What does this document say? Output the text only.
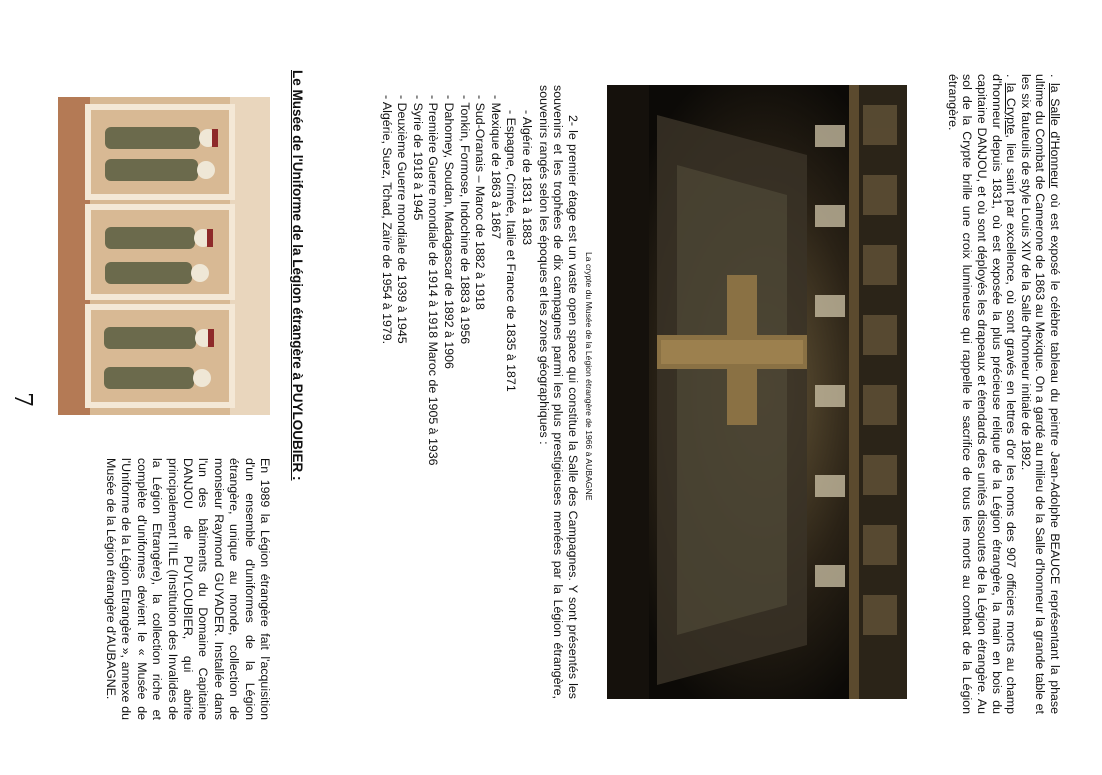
. la Salle d'Honneur où est exposé le célèbre tableau du peintre Jean-Adolphe BEAUCE représentant la phase ultime du Combat de Camerone de 1863 au Mexique. On a gardé au milieu de la Salle d'honneur la grande table et les six fauteuils de style Louis XIV de la Salle d'honneur initiale de 1892.

. la Crypte, lieu saint par excellence, où sont gravés en lettres d'or les noms des 907 officiers morts au champ d'honneur depuis 1831, où est exposée la plus précieuse relique de la Légion étrangère, la main en bois du capitaine DANJOU, et où sont déployés les drapeaux et étendards des unités dissoutes de la Légion étrangère. Au sol de la Crypte brille une croix lumineuse qui rappelle le sacrifice de tous les morts au combat de la Légion étrangère.

La crypte du Musée de la Légion étrangère de 1966 à AUBAGNE

2- le premier étage est un vaste open space qui constitue la Salle des Campagnes. Y sont présentés les souvenirs et les trophées de dix campagnes parmi les plus prestigieuses menées par la Légion étrangère, souvenirs rangés selon les époques et les zones géographiques :

- Algérie de 1831 à 1883

- Espagne, Crimée, Italie et France de 1835 à 1871

- Mexique de 1863 à 1867

- Sud-Oranais – Maroc de 1882 à 1918

- Tonkin, Formose, Indochine de 1883 à 1956

- Dahomey, Soudan, Madagascar de 1892 à 1906

- Première Guerre mondiale de 1914 à 1918 Maroc de 1905 à 1936

- Syrie de 1918 à 1945

- Deuxième Guerre mondiale de 1939 à 1945

- Algérie, Suez, Tchad, Zaïre de 1954 à 1979.

Le Musée de l'Uniforme de la Légion étrangère à PUYLOUBIER :

En 1989 la Légion étrangère fait l'acquisition d'un ensemble d'uniformes de la Légion étrangère, unique au monde, collection de monsieur Raymond GUYADER. Installée dans l'un des bâtiments du Domaine Capitaine DANJOU de PUYLOUBIER, qui abrite principalement l'ILE (Institution des Invalides de la Légion Etrangère), la collection riche et complète d'uniformes devient le « Musée de l'Uniforme de la Légion Etrangère », annexe du Musée de la Légion étrangère d'AUBAGNE.

7
